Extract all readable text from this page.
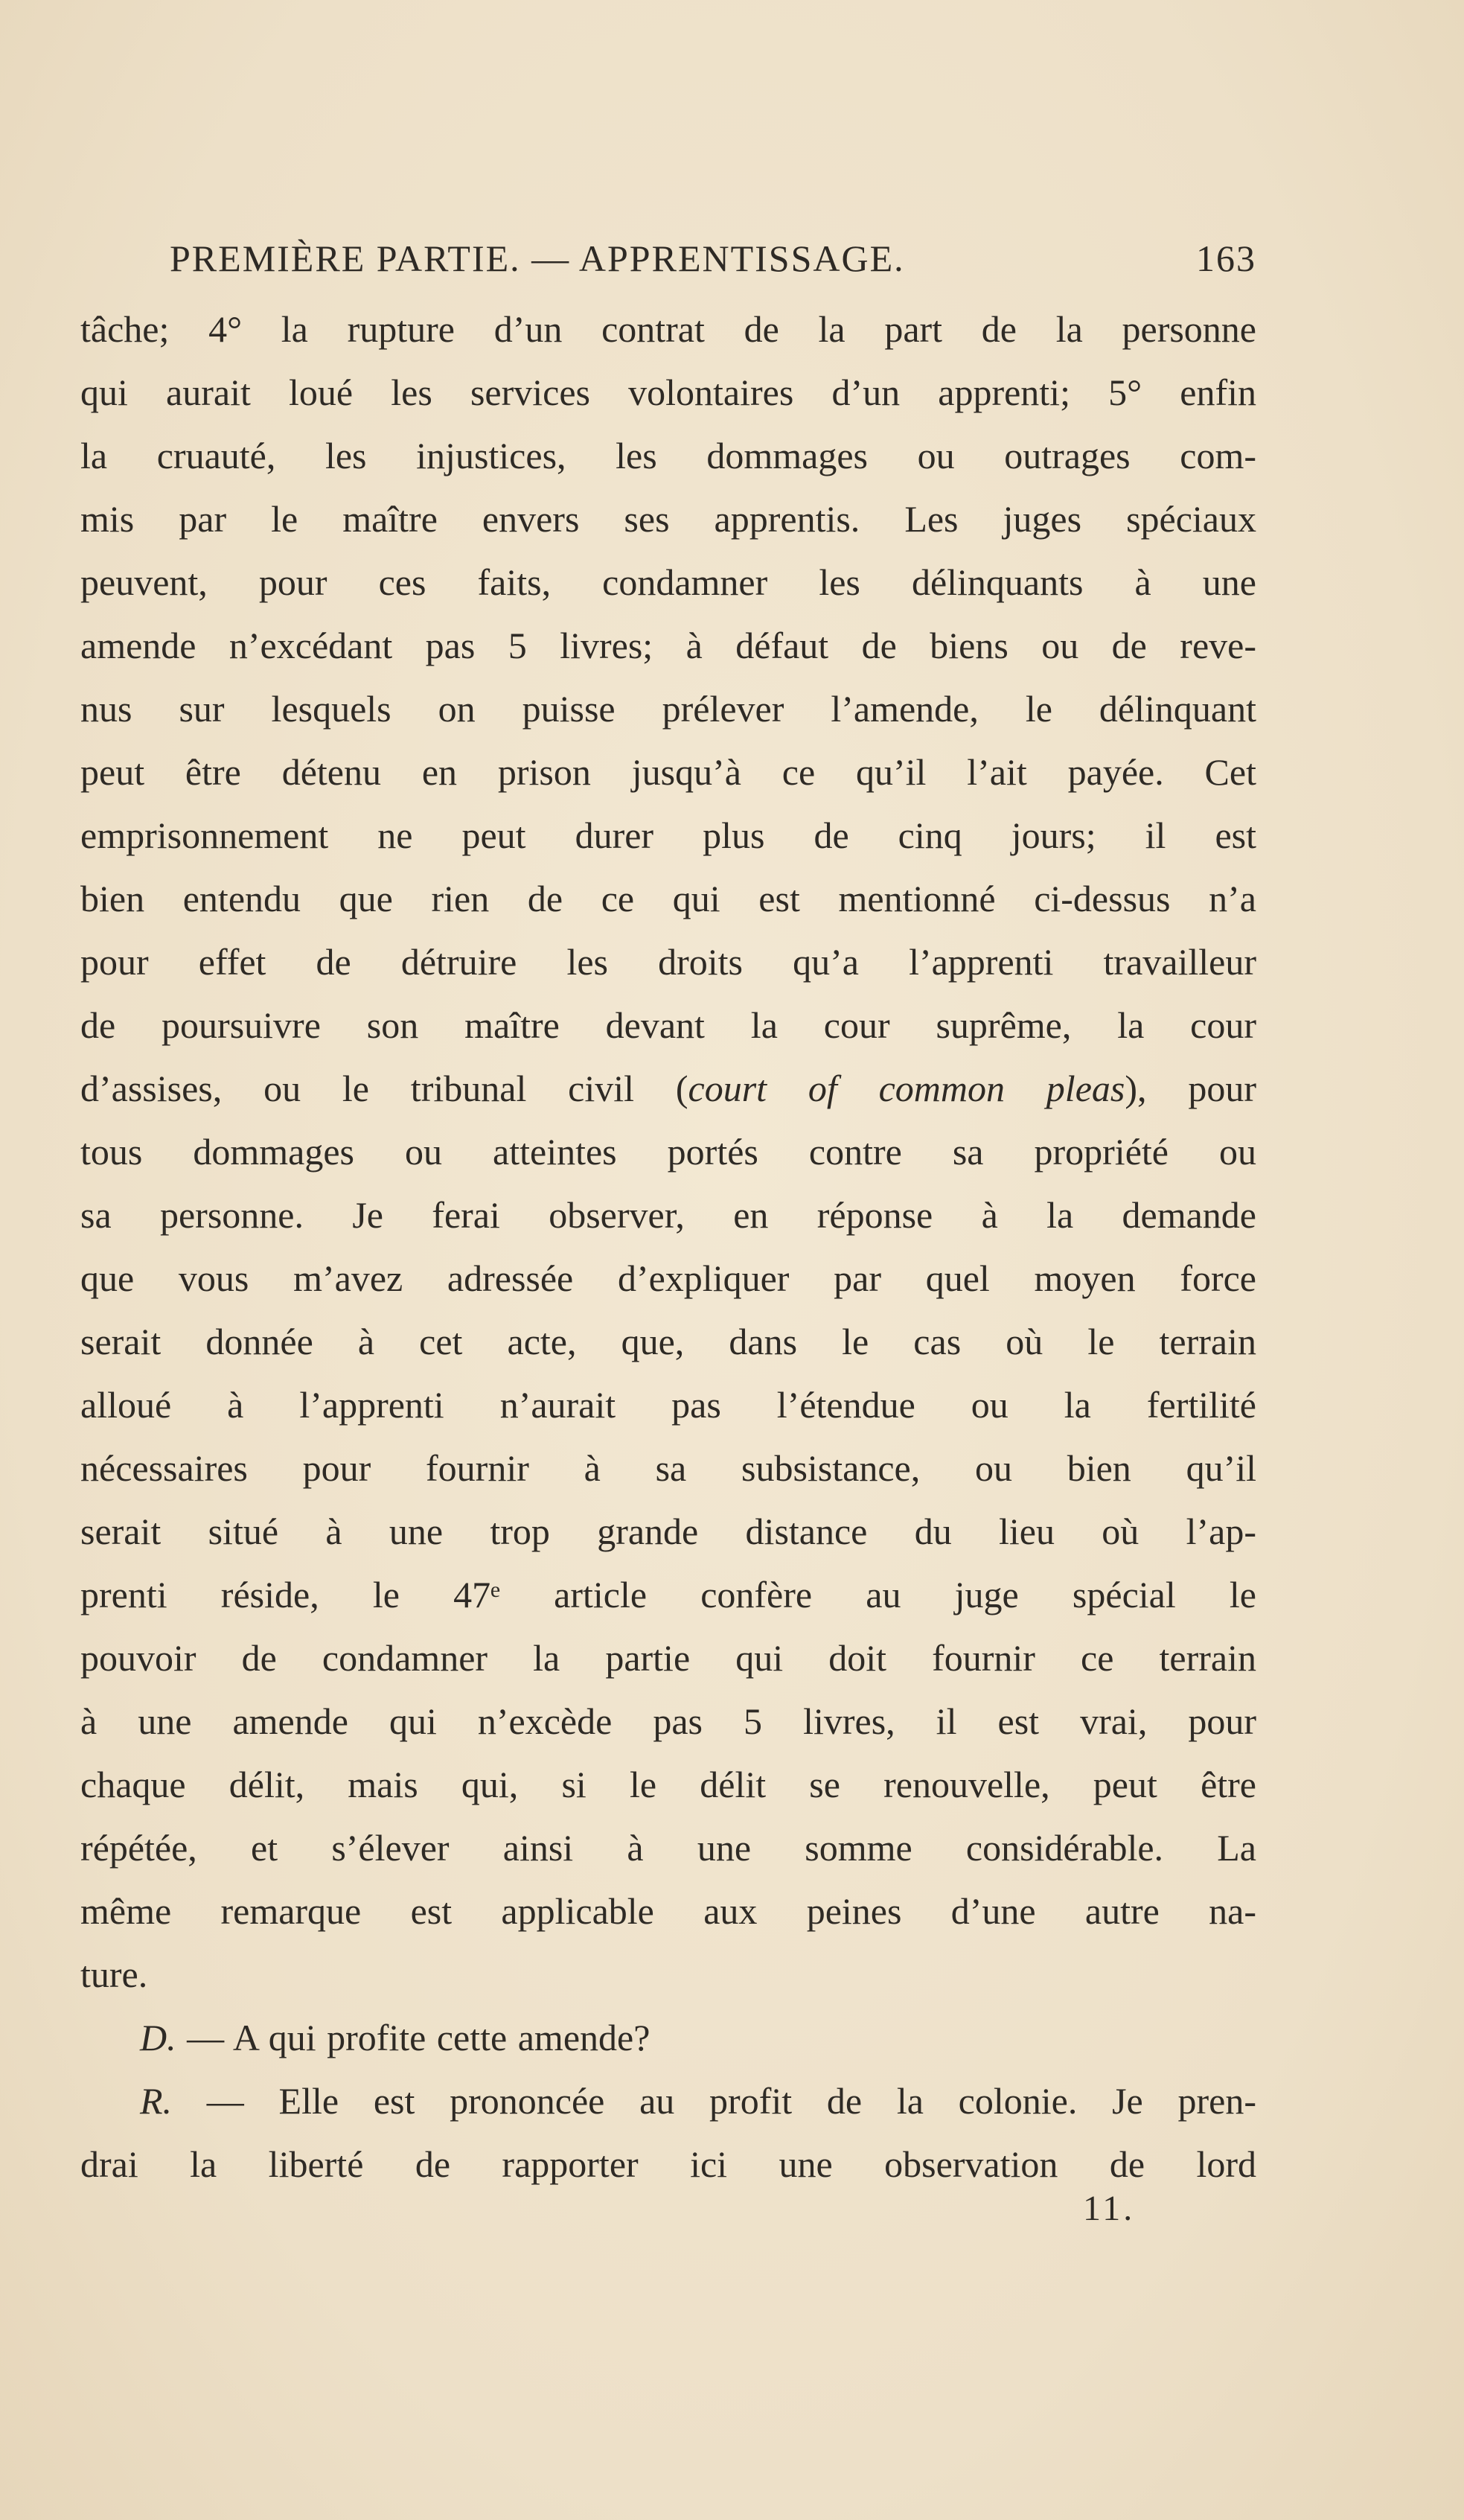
PREMIÈRE PARTIE. — APPRENTISSAGE.	163
tâche; 4° la rupture d’un contrat de la part de la personne
qui aurait loué les services volontaires d’un apprenti; 5° enfin
la cruauté, les injustices, les dommages ou outrages com-
mis par le maître envers ses apprentis. Les juges spéciaux
peuvent, pour ces faits, condamner les délinquants à une
amende n’excédant pas 5 livres; à défaut de biens ou de reve-
nus sur lesquels on puisse prélever l’amende, le délinquant
peut être détenu en prison jusqu’à ce qu’il l’ait payée. Cet
emprisonnement ne peut durer plus de cinq jours; il est
bien entendu que rien de ce qui est mentionné ci-dessus n’a
pour effet de détruire les droits qu’a l’apprenti travailleur
de poursuivre son maître devant la cour suprême, la cour
d’assises, ou le tribunal civil (court of common pleas), pour
tous dommages ou atteintes portés contre sa propriété ou
sa personne. Je ferai observer, en réponse à la demande
que vous m’avez adressée d’expliquer par quel moyen force
serait donnée à cet acte, que, dans le cas où le terrain
alloué à l’apprenti n’aurait pas l’étendue ou la fertilité
nécessaires pour fournir à sa subsistance, ou bien qu’il
serait situé à une trop grande distance du lieu où l’ap-
prenti réside, le 47ᵉ article confère au juge spécial le
pouvoir de condamner la partie qui doit fournir ce terrain
à une amende qui n’excède pas 5 livres, il est vrai, pour
chaque délit, mais qui, si le délit se renouvelle, peut être
répétée, et s’élever ainsi à une somme considérable. La
même remarque est applicable aux peines d’une autre na-
ture.
D. — A qui profite cette amende?
R. — Elle est prononcée au profit de la colonie. Je pren-
drai la liberté de rapporter ici une observation de lord
11.
